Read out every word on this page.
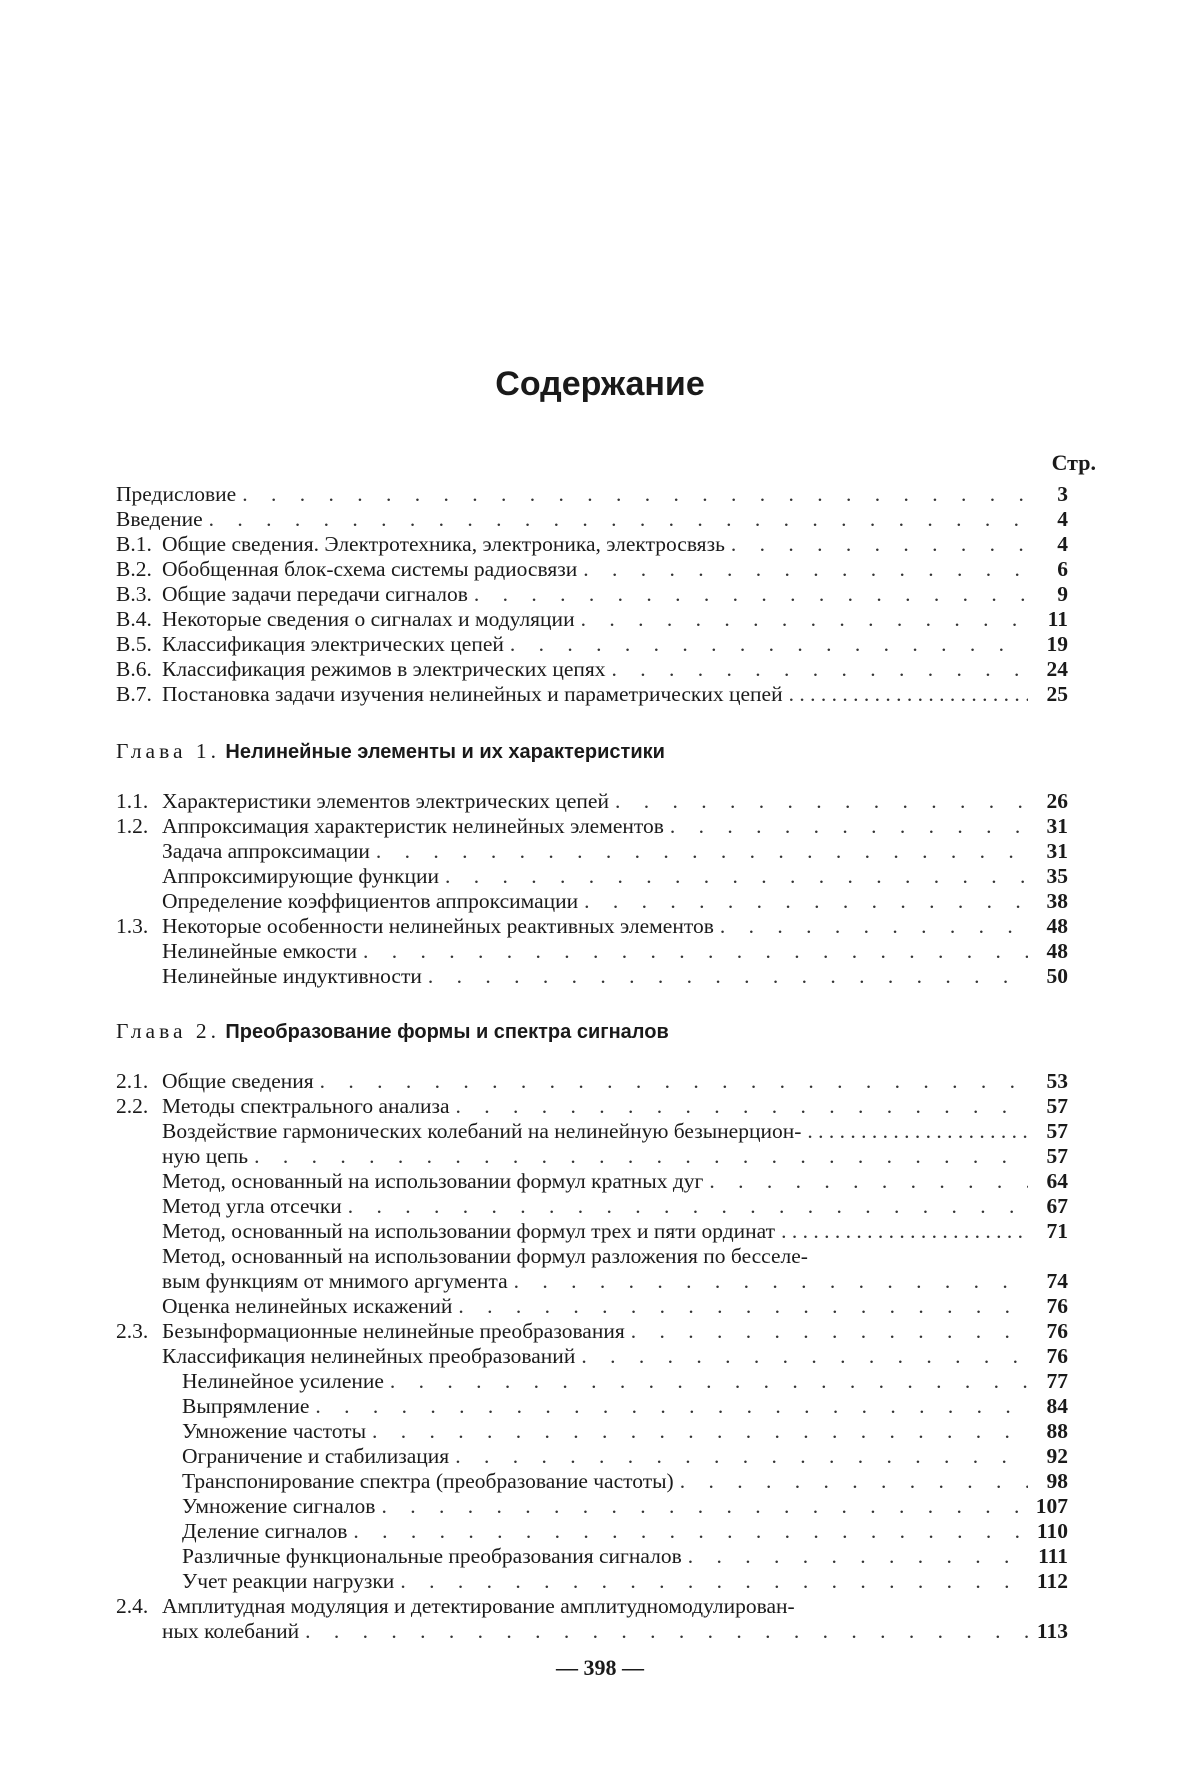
Содержание
Стр.
Предисловие . . .	3
Введение . . .	4
В.1. Общие сведения. Электротехника, электроника, электросвязь . . .	4
В.2. Обобщенная блок-схема системы радиосвязи . . .	6
В.3. Общие задачи передачи сигналов . . .	9
В.4. Некоторые сведения о сигналах и модуляции . . .	11
В.5. Классификация электрических цепей . . .	19
В.6. Классификация режимов в электрических цепях . . .	24
В.7. Постановка задачи изучения нелинейных и параметрических цепей . . .	25
Глава 1. Нелинейные элементы и их характеристики
1.1. Характеристики элементов электрических цепей . . .	26
1.2. Аппроксимация характеристик нелинейных элементов . . .	31
Задача аппроксимации . . .	31
Аппроксимирующие функции . . .	35
Определение коэффициентов аппроксимации . . .	38
1.3. Некоторые особенности нелинейных реактивных элементов . . .	48
Нелинейные емкости . . .	48
Нелинейные индуктивности . . .	50
Глава 2. Преобразование формы и спектра сигналов
2.1. Общие сведения . . .	53
2.2. Методы спектрального анализа . . .	57
Воздействие гармонических колебаний на нелинейную безынерцион- . . .	57
ную цепь . . .	57
Метод, основанный на использовании формул кратных дуг . . .	64
Метод угла отсечки . . .	67
Метод, основанный на использовании формул трех и пяти ординат . . .	71
Метод, основанный на использовании формул разложения по бесселе-
вым функциям от мнимого аргумента . . .	74
Оценка нелинейных искажений . . .	76
2.3. Безынформационные нелинейные преобразования . . .	76
Классификация нелинейных преобразований . . .	76
Нелинейное усиление . . .	77
Выпрямление . . .	84
Умножение частоты . . .	88
Ограничение и стабилизация . . .	92
Транспонирование спектра (преобразование частоты) . . .	98
Умножение сигналов . . .	107
Деление сигналов . . .	110
Различные функциональные преобразования сигналов . . .	111
Учет реакции нагрузки . . .	112
2.4. Амплитудная модуляция и детектирование амплитудномодулирован-
ных колебаний . . .	113
— 398 —
